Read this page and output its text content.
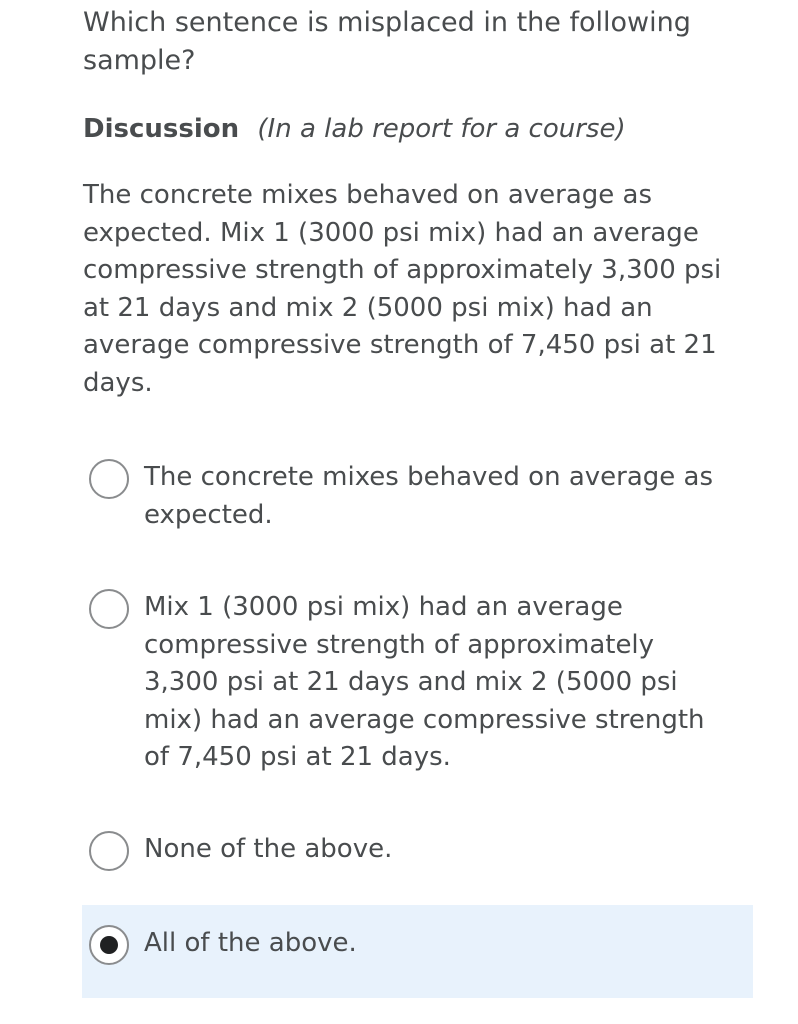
Which sentence is misplaced in the following sample?
Discussion (In a lab report for a course)

The concrete mixes behaved on average as expected. Mix 1 (3000 psi mix) had an average compressive strength of approximately 3,300 psi at 21 days and mix 2 (5000 psi mix) had an average compressive strength of 7,450 psi at 21 days.

The concrete mixes behaved on average as expected.
Mix 1 (3000 psi mix) had an average compressive strength of approximately 3,300 psi at 21 days and mix 2 (5000 psi mix) had an average compressive strength of 7,450 psi at 21 days.
None of the above.
All of the above.
